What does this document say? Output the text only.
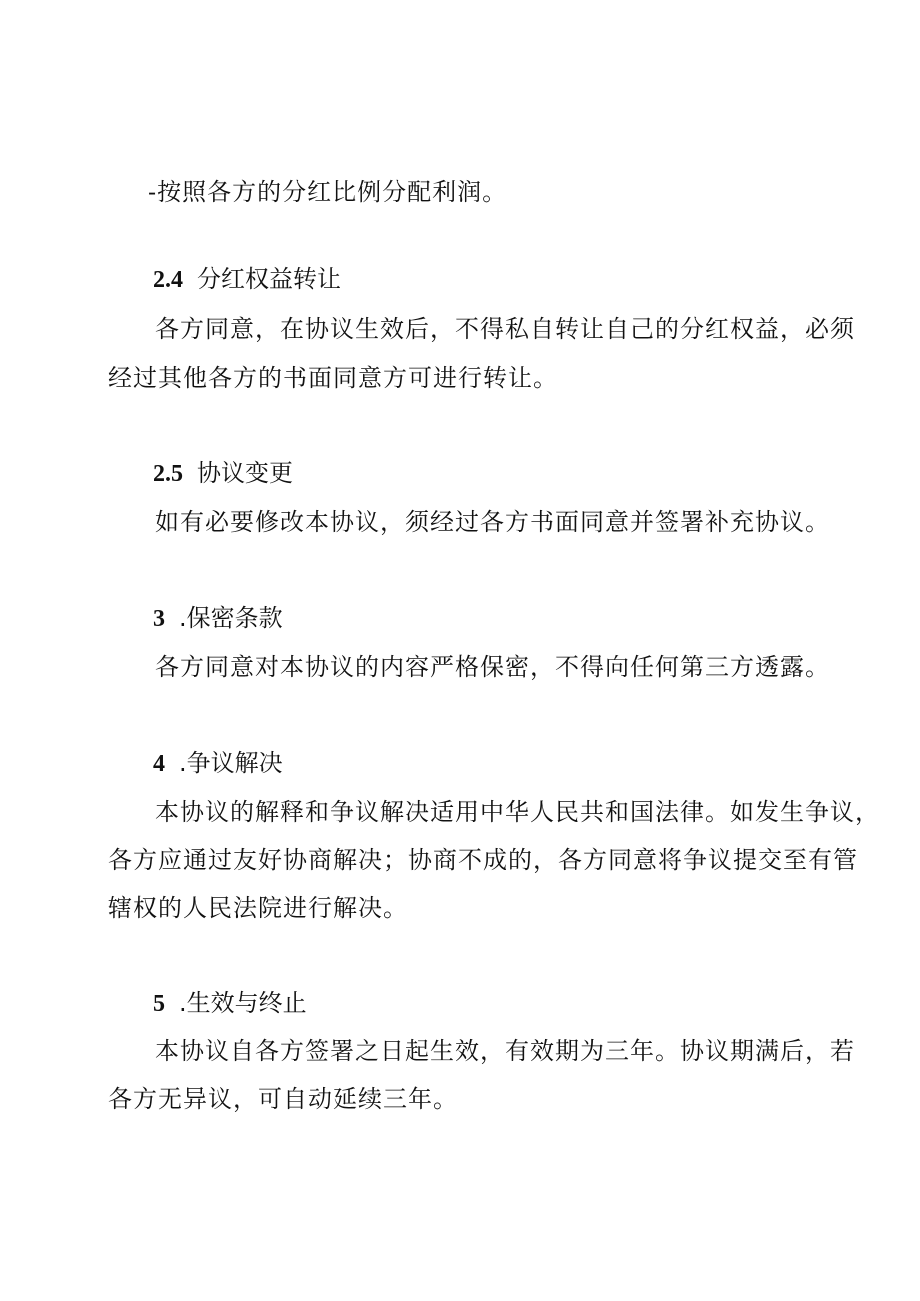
-按照各方的分红比例分配利润。
2.4 分红权益转让
各方同意，在协议生效后，不得私自转让自己的分红权益，必须
经过其他各方的书面同意方可进行转让。
2.5 协议变更
如有必要修改本协议，须经过各方书面同意并签署补充协议。
3 .保密条款
各方同意对本协议的内容严格保密，不得向任何第三方透露。
4 .争议解决
本协议的解释和争议解决适用中华人民共和国法律。如发生争议，
各方应通过友好协商解决；协商不成的，各方同意将争议提交至有管
辖权的人民法院进行解决。
5 .生效与终止
本协议自各方签署之日起生效，有效期为三年。协议期满后，若
各方无异议，可自动延续三年。
